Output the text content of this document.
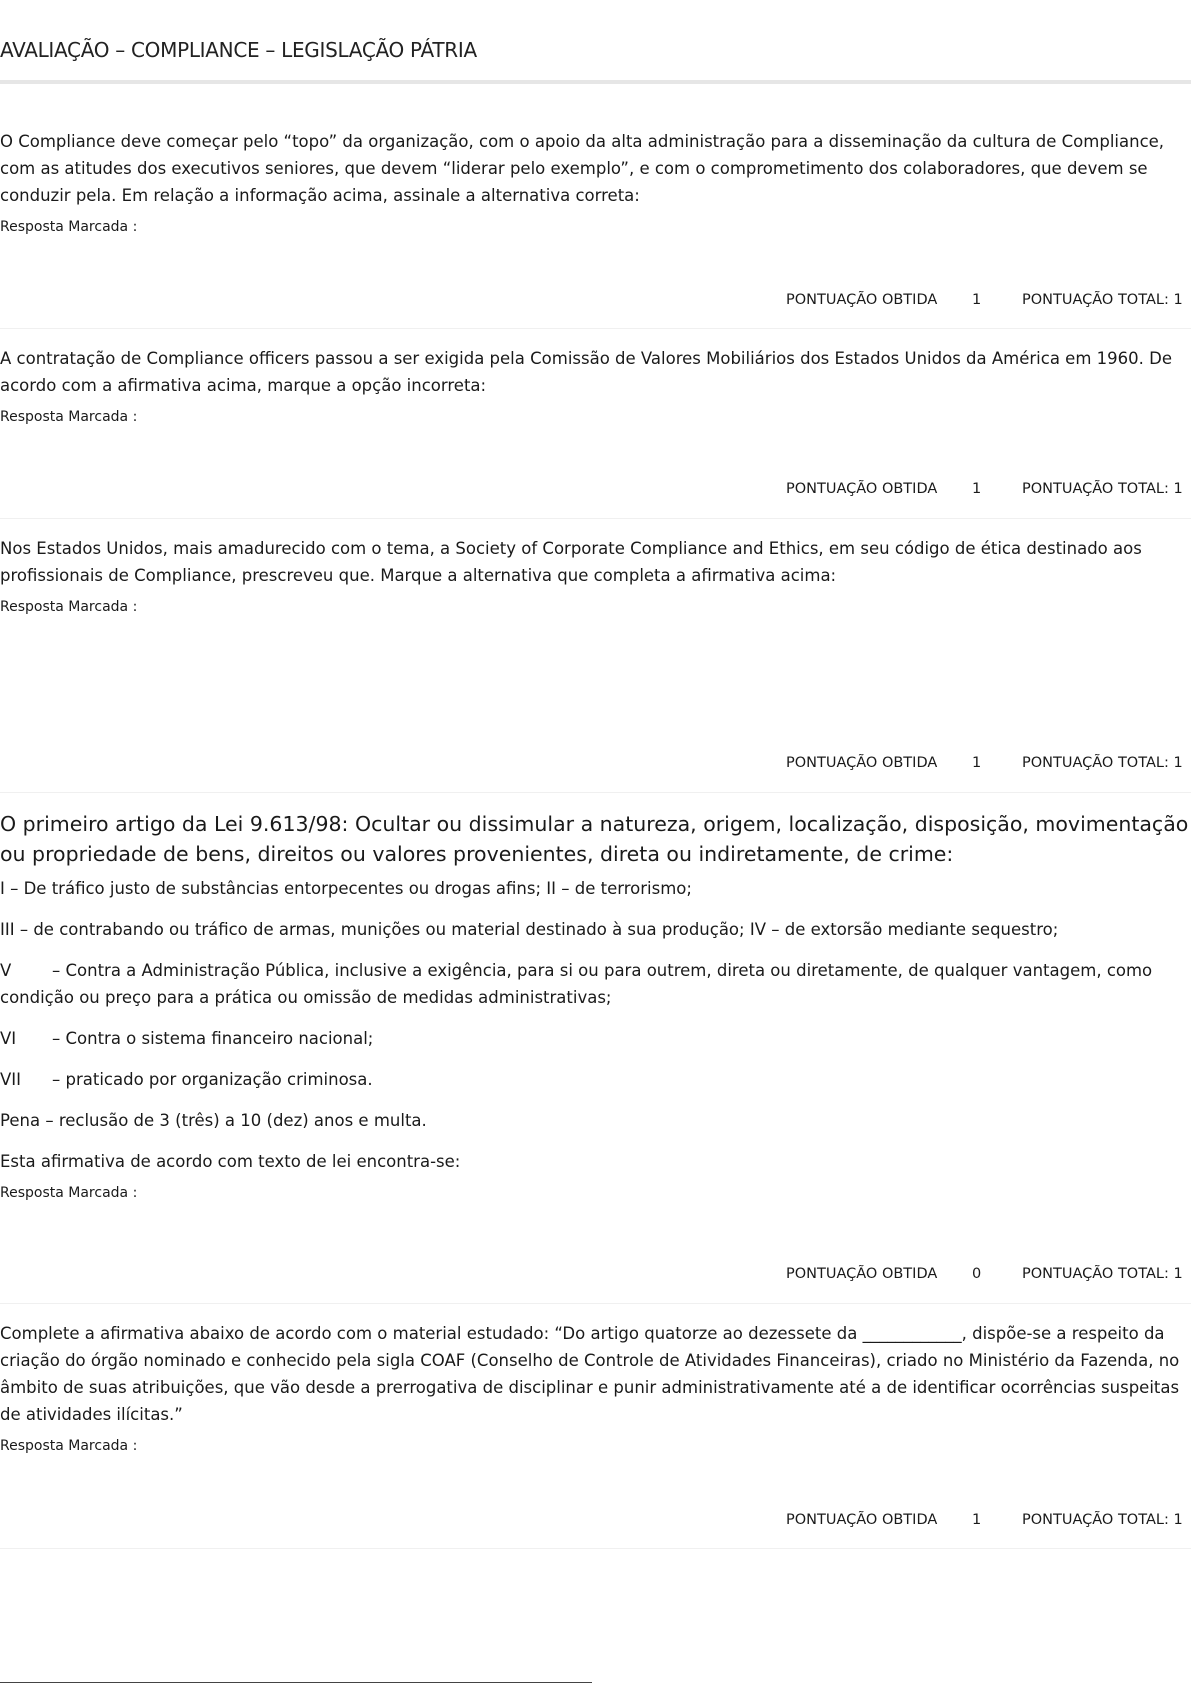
AVALIAÇÃO – COMPLIANCE – LEGISLAÇÃO PÁTRIA

O Compliance deve começar pelo “topo” da organização, com o apoio da alta administração para a disseminação da cultura de Compliance, com as atitudes dos executivos seniores, que devem “liderar pelo exemplo”, e com o comprometimento dos colaboradores, que devem se conduzir pela. Em relação a informação acima, assinale a alternativa correta:

Resposta Marcada :

PONTUAÇÃO OBTIDA 1	PONTUAÇÃO TOTAL: 1

A contratação de Compliance officers passou a ser exigida pela Comissão de Valores Mobiliários dos Estados Unidos da América em 1960. De acordo com a afirmativa acima, marque a opção incorreta:

Resposta Marcada :

PONTUAÇÃO OBTIDA 1	PONTUAÇÃO TOTAL: 1

Nos Estados Unidos, mais amadurecido com o tema, a Society of Corporate Compliance and Ethics, em seu código de ética destinado aos profissionais de Compliance, prescreveu que. Marque a alternativa que completa a afirmativa acima:

Resposta Marcada :

PONTUAÇÃO OBTIDA 1	PONTUAÇÃO TOTAL: 1

O primeiro artigo da Lei 9.613/98: Ocultar ou dissimular a natureza, origem, localização, disposição, movimentação ou propriedade de bens, direitos ou valores provenientes, direta ou indiretamente, de crime:

I – De tráfico justo de substâncias entorpecentes ou drogas afins; II – de terrorismo;

III – de contrabando ou tráfico de armas, munições ou material destinado à sua produção; IV – de extorsão mediante sequestro;

V – Contra a Administração Pública, inclusive a exigência, para si ou para outrem, direta ou diretamente, de qualquer vantagem, como condição ou preço para a prática ou omissão de medidas administrativas;

VI – Contra o sistema financeiro nacional;

VII – praticado por organização criminosa.

Pena – reclusão de 3 (três) a 10 (dez) anos e multa.

Esta afirmativa de acordo com texto de lei encontra-se:

Resposta Marcada :

PONTUAÇÃO OBTIDA 0	PONTUAÇÃO TOTAL: 1

Complete a afirmativa abaixo de acordo com o material estudado: “Do artigo quatorze ao dezessete da ____________, dispõe-se a respeito da criação do órgão nominado e conhecido pela sigla COAF (Conselho de Controle de Atividades Financeiras), criado no Ministério da Fazenda, no âmbito de suas atribuições, que vão desde a prerrogativa de disciplinar e punir administrativamente até a de identificar ocorrências suspeitas de atividades ilícitas.”

Resposta Marcada :

PONTUAÇÃO OBTIDA 1	PONTUAÇÃO TOTAL: 1
